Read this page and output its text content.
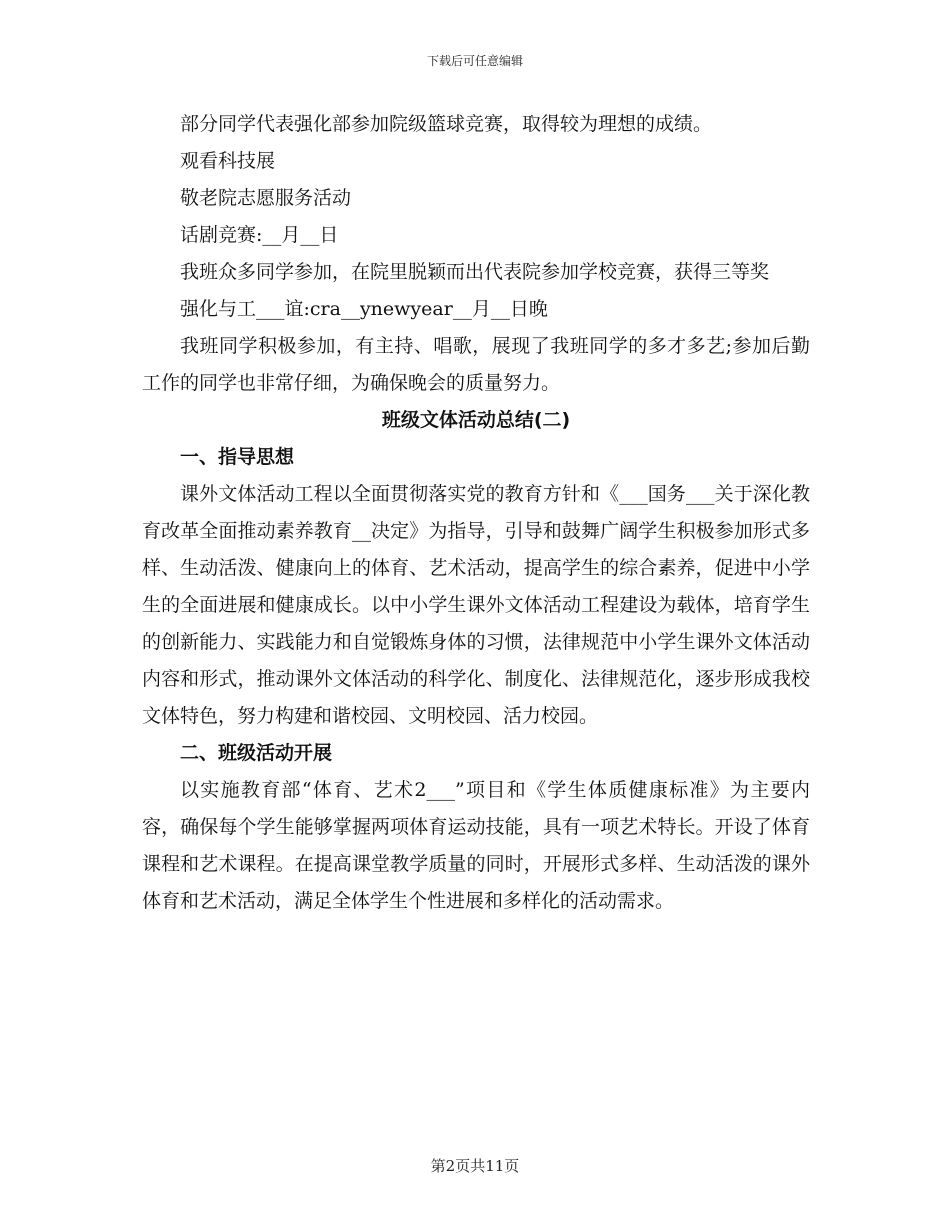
下载后可任意编辑

部分同学代表强化部参加院级篮球竞赛，取得较为理想的成绩。

观看科技展

敬老院志愿服务活动

话剧竞赛:__月__日

我班众多同学参加，在院里脱颖而出代表院参加学校竞赛，获得三等奖

强化与工___谊:cra__ynewyear__月__日晚

我班同学积极参加，有主持、唱歌，展现了我班同学的多才多艺;参加后勤工作的同学也非常仔细，为确保晚会的质量努力。

班级文体活动总结(二)
一、指导思想

课外文体活动工程以全面贯彻落实党的教育方针和《___国务___关于深化教育改革全面推动素养教育__决定》为指导，引导和鼓舞广阔学生积极参加形式多样、生动活泼、健康向上的体育、艺术活动，提高学生的综合素养，促进中小学生的全面进展和健康成长。以中小学生课外文体活动工程建设为载体，培育学生的创新能力、实践能力和自觉锻炼身体的习惯，法律规范中小学生课外文体活动内容和形式，推动课外文体活动的科学化、制度化、法律规范化，逐步形成我校文体特色，努力构建和谐校园、文明校园、活力校园。

二、班级活动开展

以实施教育部“体育、艺术2___”项目和《学生体质健康标准》为主要内容，确保每个学生能够掌握两项体育运动技能，具有一项艺术特长。开设了体育课程和艺术课程。在提高课堂教学质量的同时，开展形式多样、生动活泼的课外体育和艺术活动，满足全体学生个性进展和多样化的活动需求。

第2页共11页
